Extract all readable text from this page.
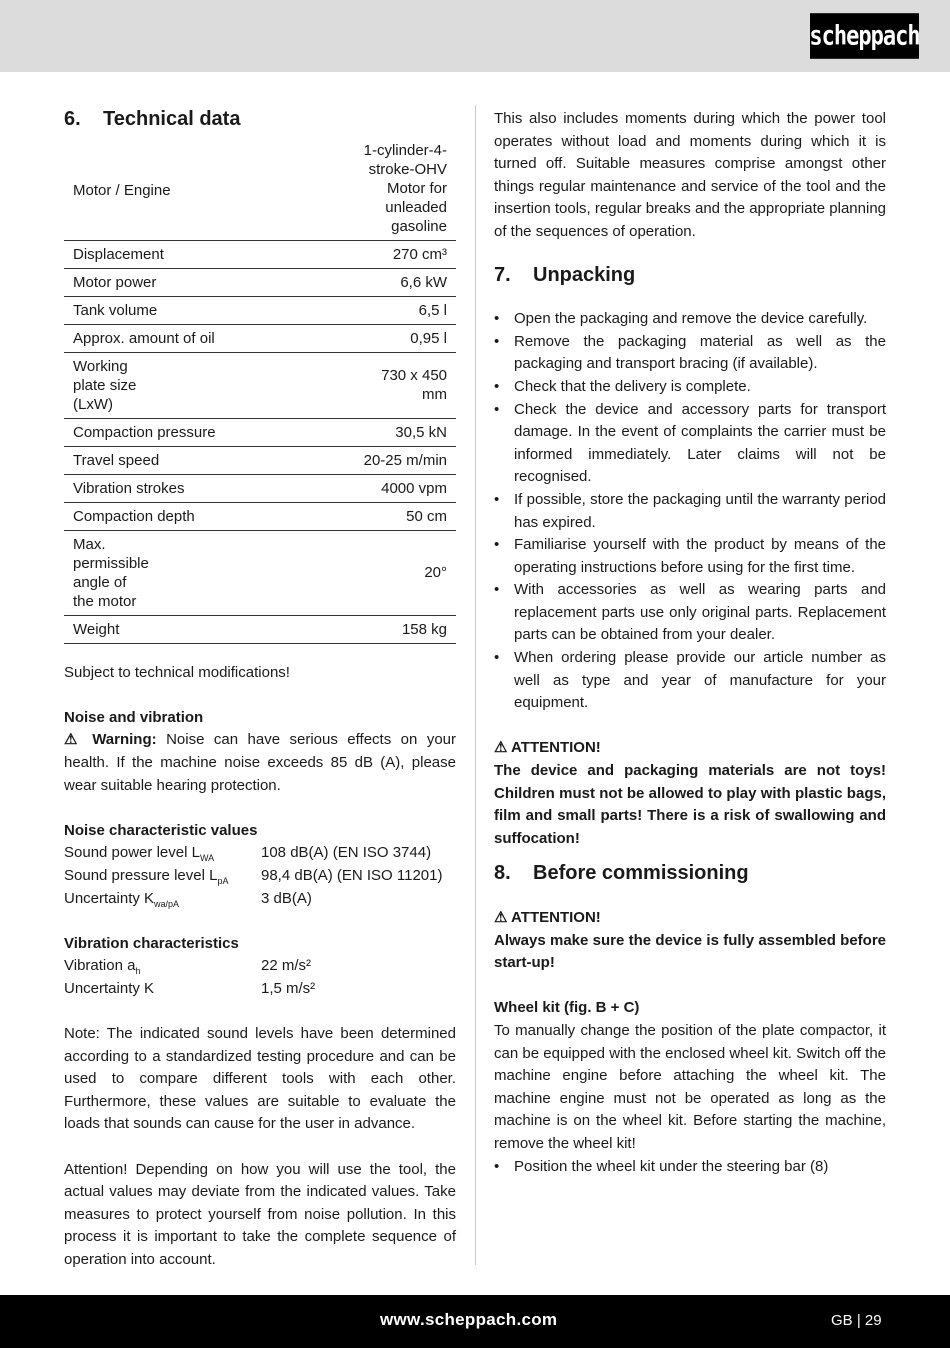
scheppach
6.	Technical data
Motor / Engine	1-cylinder-4-stroke-OHV Motor for unleaded gasoline
Displacement	270 cm³
Motor power	6,6 kW
Tank volume	6,5 l
Approx. amount of oil	0,95 l
Working plate size (LxW)	730 x 450 mm
Compaction pressure	30,5 kN
Travel speed	20-25 m/min
Vibration strokes	4000 vpm
Compaction depth	50 cm
Max. permissible angle of the motor	20°
Weight	158 kg

Subject to technical modifications!

Noise and vibration

⚠ Warning: Noise can have serious effects on your health. If the machine noise exceeds 85 dB (A), please wear suitable hearing protection.

Noise characteristic values

Sound power level $L_{WA}$	108 dB(A) (EN ISO 3744)
Sound pressure level $L_{pA}$	98,4 dB(A) (EN ISO 11201)
Uncertainty $K_{wa/pA}$	3 dB(A)

Vibration characteristics

Vibration $a_h$	22 m/s²
Uncertainty K	1,5 m/s²

Note: The indicated sound levels have been determined according to a standardized testing procedure and can be used to compare different tools with each other. Furthermore, these values are suitable to evaluate the loads that sounds can cause for the user in advance.

Attention! Depending on how you will use the tool, the actual values may deviate from the indicated values. Take measures to protect yourself from noise pollution. In this process it is important to take the complete sequence of operation into account.

This also includes moments during which the power tool operates without load and moments during which it is turned off. Suitable measures comprise amongst other things regular maintenance and service of the tool and the insertion tools, regular breaks and the appropriate planning of the sequences of operation.

7.	Unpacking
• Open the packaging and remove the device carefully.
• Remove the packaging material as well as the packaging and transport bracing (if available).
• Check that the delivery is complete.
• Check the device and accessory parts for transport damage. In the event of complaints the carrier must be informed immediately. Later claims will not be recognised.
• If possible, store the packaging until the warranty period has expired.
• Familiarise yourself with the product by means of the operating instructions before using for the first time.
• With accessories as well as wearing parts and replacement parts use only original parts. Replacement parts can be obtained from your dealer.
• When ordering please provide our article number as well as type and year of manufacture for your equipment.

⚠ ATTENTION!

The device and packaging materials are not toys! Children must not be allowed to play with plastic bags, film and small parts! There is a risk of swallowing and suffocation!

8.	Before commissioning

⚠ ATTENTION!

Always make sure the device is fully assembled before start-up!

Wheel kit (fig. B + C)

To manually change the position of the plate compactor, it can be equipped with the enclosed wheel kit. Switch off the machine engine before attaching the wheel kit. The machine engine must not be operated as long as the machine is on the wheel kit. Before starting the machine, remove the wheel kit!

• Position the wheel kit under the steering bar (8)
www.scheppach.com	GB | 29
